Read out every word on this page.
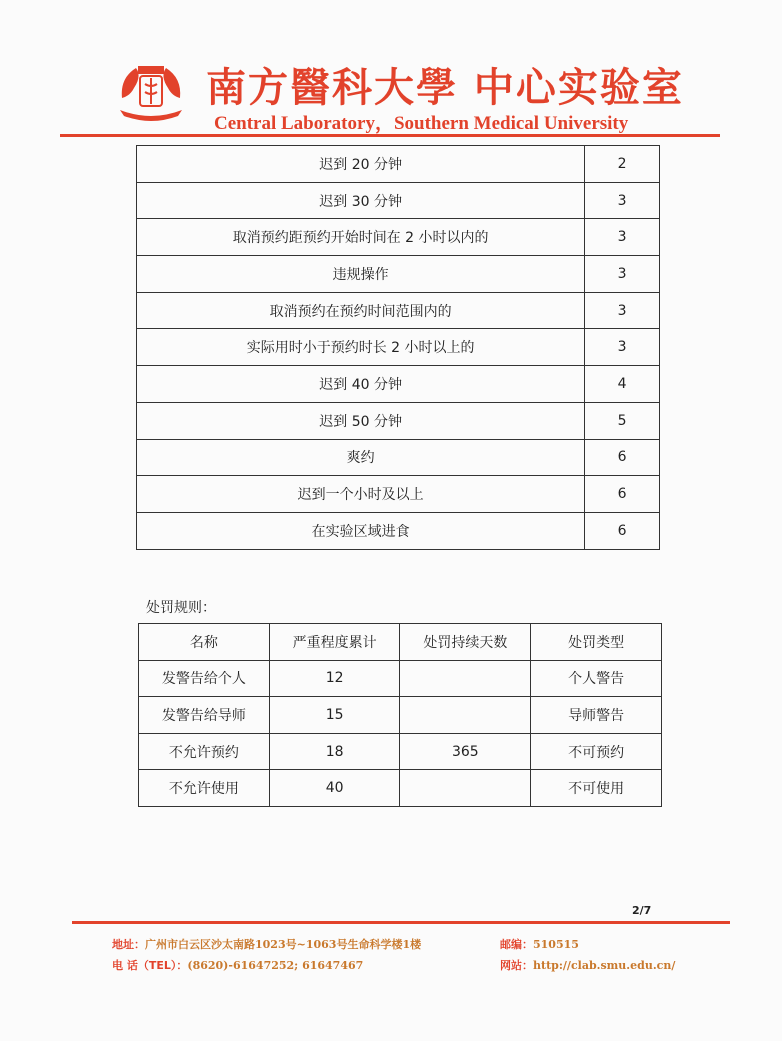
南方醫科大學 中心实验室
Central Laboratory，Southern Medical University
迟到 20 分钟	2
迟到 30 分钟	3
取消预约距预约开始时间在 2 小时以内的	3
违规操作	3
取消预约在预约时间范围内的	3
实际用时小于预约时长 2 小时以上的	3
迟到 40 分钟	4
迟到 50 分钟	5
爽约	6
迟到一个小时及以上	6
在实验区域进食	6
处罚规则：
名称	严重程度累计	处罚持续天数	处罚类型
发警告给个人	12		个人警告
发警告给导师	15		导师警告
不允许预约	18	365	不可预约
不允许使用	40		不可使用
2/7
地址：广州市白云区沙太南路1023号~1063号生命科学楼1楼	邮编：510515
电 话（TEL）：(8620)-61647252; 61647467	网站：http://clab.smu.edu.cn/
